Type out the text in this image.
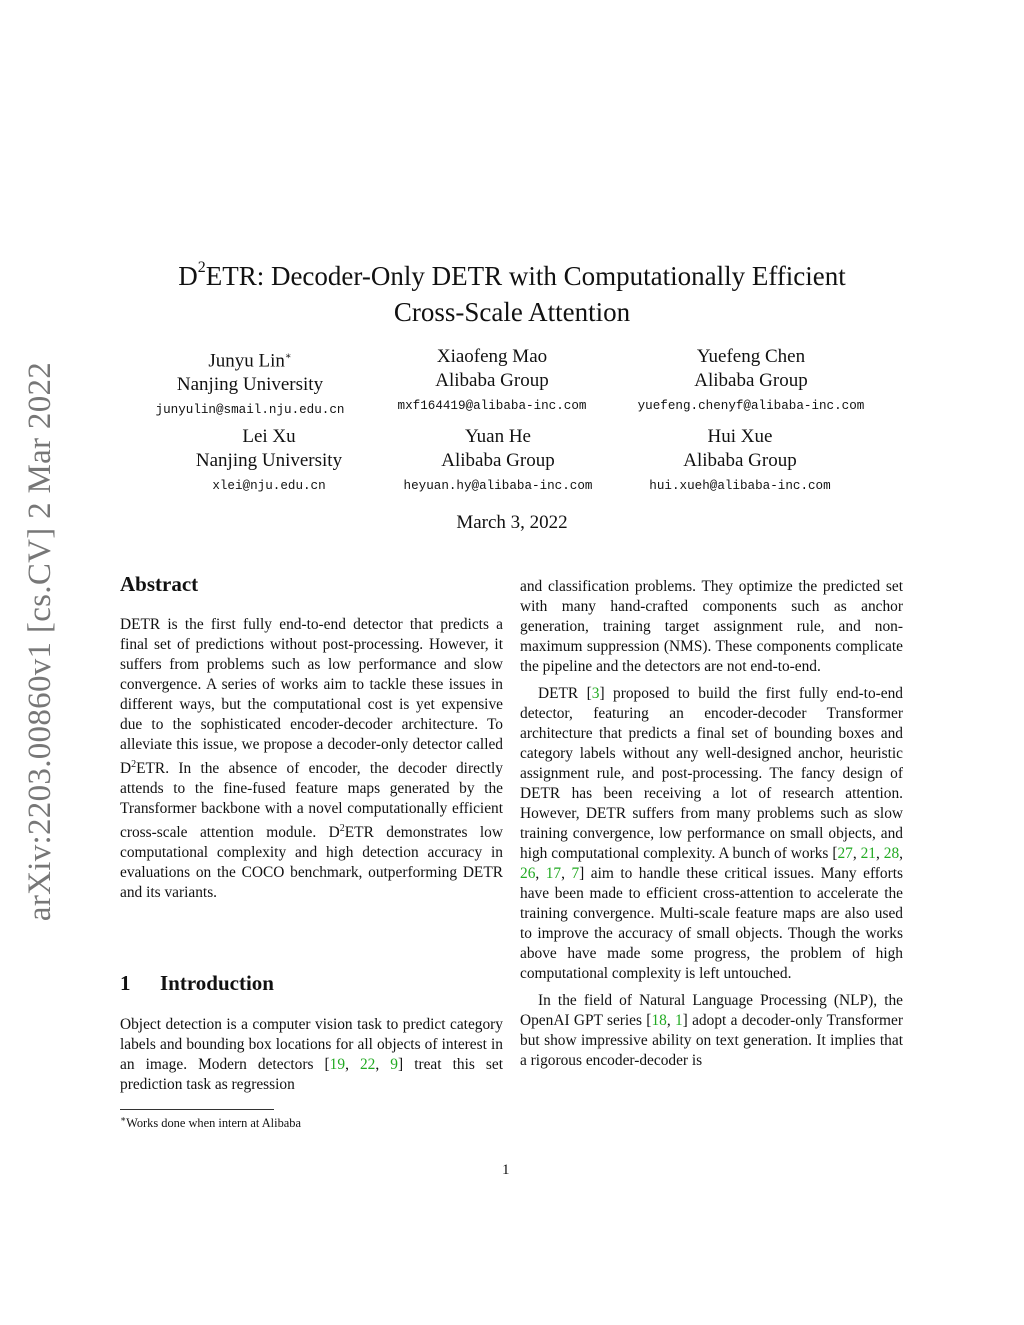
arXiv:2203.00860v1 [cs.CV] 2 Mar 2022
$D^2ETR$: Decoder-Only DETR with Computationally Efficient
Cross-Scale Attention
Junyu Lin∗
Nanjing University
junyulin@smail.nju.edu.cn
Xiaofeng Mao
Alibaba Group
mxf164419@alibaba-inc.com
Yuefeng Chen
Alibaba Group
yuefeng.chenyf@alibaba-inc.com
Lei Xu
Nanjing University
xlei@nju.edu.cn
Yuan He
Alibaba Group
heyuan.hy@alibaba-inc.com
Hui Xue
Alibaba Group
hui.xueh@alibaba-inc.com
March 3, 2022
Abstract

DETR is the first fully end-to-end detector that predicts a final set of predictions without post-processing. However, it suffers from problems such as low performance and slow convergence. A series of works aim to tackle these issues in different ways, but the computational cost is yet expensive due to the sophisticated encoder-decoder architecture. To alleviate this issue, we propose a decoder-only detector called $D^2ETR$. In the absence of encoder, the decoder directly attends to the fine-fused feature maps generated by the Transformer backbone with a novel computationally efficient cross-scale attention module. $D^2ETR$ demonstrates low computational complexity and high detection accuracy in evaluations on the COCO benchmark, outperforming DETR and its variants.

1 Introduction

Object detection is a computer vision task to predict category labels and bounding box locations for all objects of interest in an image. Modern detectors [19, 22, 9] treat this set prediction task as regression

∗Works done when intern at Alibaba

and classification problems. They optimize the predicted set with many hand-crafted components such as anchor generation, training target assignment rule, and non-maximum suppression (NMS). These components complicate the pipeline and the detectors are not end-to-end.

DETR [3] proposed to build the first fully end-to-end detector, featuring an encoder-decoder Transformer architecture that predicts a final set of bounding boxes and category labels without any well-designed anchor, heuristic assignment rule, and post-processing. The fancy design of DETR has been receiving a lot of research attention. However, DETR suffers from many problems such as slow training convergence, low performance on small objects, and high computational complexity. A bunch of works [27, 21, 28, 26, 17, 7] aim to handle these critical issues. Many efforts have been made to efficient cross-attention to accelerate the training convergence. Multi-scale feature maps are also used to improve the accuracy of small objects. Though the works above have made some progress, the problem of high computational complexity is left untouched.

In the field of Natural Language Processing (NLP), the OpenAI GPT series [18, 1] adopt a decoder-only Transformer but show impressive ability on text generation. It implies that a rigorous encoder-decoder is

1
